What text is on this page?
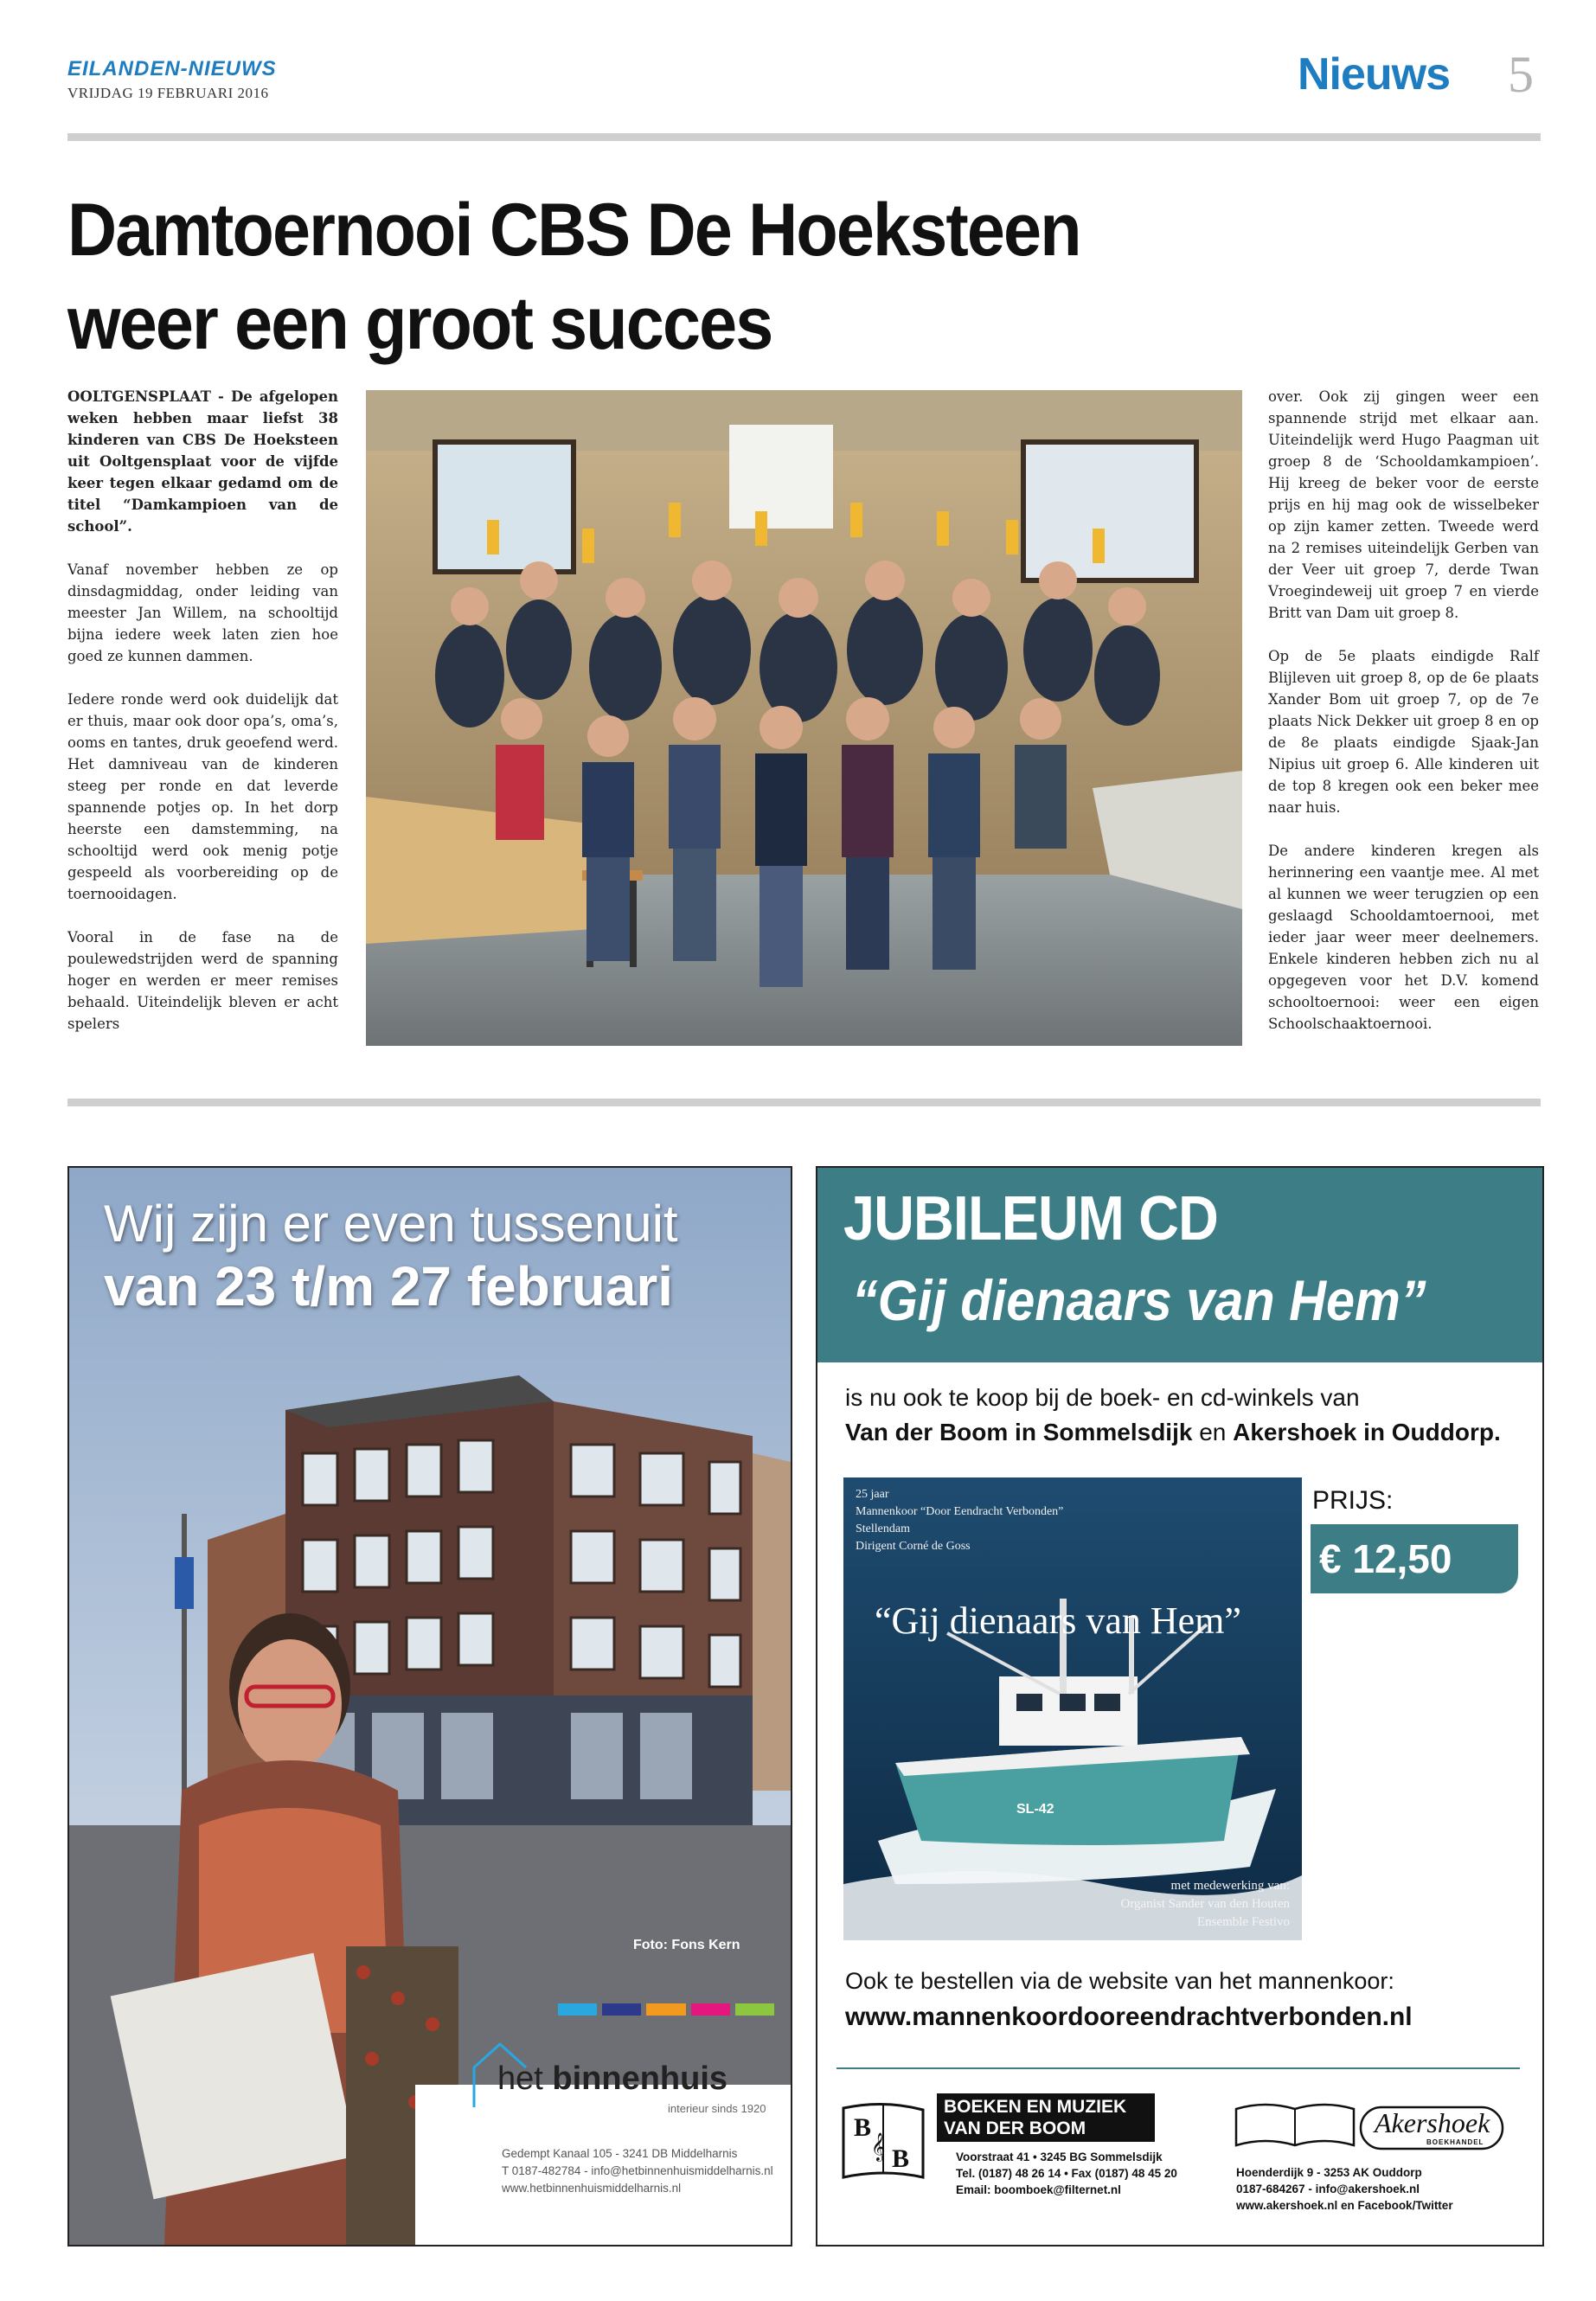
EILANDEN-NIEUWS
VRIJDAG 19 FEBRUARI 2016	Nieuws 5
Damtoernooi CBS De Hoeksteen
weer een groot succes

OOLTGENSPLAAT - De afgelopen weken hebben maar liefst 38 kinderen van CBS De Hoeksteen uit Ooltgensplaat voor de vijfde keer tegen elkaar gedamd om de titel “Damkampioen van de school”.

Vanaf november hebben ze op dinsdagmiddag, onder leiding van meester Jan Willem, na schooltijd bijna iedere week laten zien hoe goed ze kunnen dammen.

Iedere ronde werd ook duidelijk dat er thuis, maar ook door opa’s, oma’s, ooms en tantes, druk geoefend werd. Het damniveau van de kinderen steeg per ronde en dat leverde spannende potjes op. In het dorp heerste een damstemming, na schooltijd werd ook menig potje gespeeld als voorbereiding op de toernooidagen.

Vooral in de fase na de poulewedstrijden werd de spanning hoger en werden er meer remises behaald. Uiteindelijk bleven er acht spelers

over. Ook zij gingen weer een spannende strijd met elkaar aan. Uiteindelijk werd Hugo Paagman uit groep 8 de ‘Schooldamkampioen’. Hij kreeg de beker voor de eerste prijs en hij mag ook de wisselbeker op zijn kamer zetten. Tweede werd na 2 remises uiteindelijk Gerben van der Veer uit groep 7, derde Twan Vroegindeweij uit groep 7 en vierde Britt van Dam uit groep 8.

Op de 5e plaats eindigde Ralf Blijleven uit groep 8, op de 6e plaats Xander Bom uit groep 7, op de 7e plaats Nick Dekker uit groep 8 en op de 8e plaats eindigde Sjaak-Jan Nipius uit groep 6. Alle kinderen uit de top 8 kregen ook een beker mee naar huis.

De andere kinderen kregen als herinnering een vaantje mee. Al met al kunnen we weer terugzien op een geslaagd Schooldamtoernooi, met ieder jaar weer meer deelnemers. Enkele kinderen hebben zich nu al opgegeven voor het D.V. komend schooltoernooi: weer een eigen Schoolschaaktoernooi.

Wij zijn er even tussenuit
van 23 t/m 27 februari
Foto: Fons Kern
het binnenhuis
interieur sinds 1920
Gedempt Kanaal 105 - 3241 DB Middelharnis
T 0187-482784 - info@hetbinnenhuismiddelharnis.nl
www.hetbinnenhuismiddelharnis.nl
JUBILEUM CD
“Gij dienaars van Hem”
is nu ook te koop bij de boek- en cd-winkels van
Van der Boom in Sommelsdijk en Akershoek in Ouddorp.
25 jaar
Mannenkoor “Door Eendracht Verbonden”
Stellendam
Dirigent Corné de Goss
“Gij dienaars van Hem”
SL-42
met medewerking van:
Organist Sander van den Houten
Ensemble Festivo
PRIJS:
€ 12,50
Ook te bestellen via de website van het mannenkoor:
www.mannenkoordooreendrachtverbonden.nl
B
B
𝄞
BOEKEN EN MUZIEK
VAN DER BOOM
Voorstraat 41 • 3245 BG Sommelsdijk
Tel. (0187) 48 26 14 • Fax (0187) 48 45 20
Email: boomboek@filternet.nl
Akershoek
BOEKHANDEL
Hoenderdijk 9 - 3253 AK Ouddorp
0187-684267 - info@akershoek.nl
www.akershoek.nl en Facebook/Twitter
